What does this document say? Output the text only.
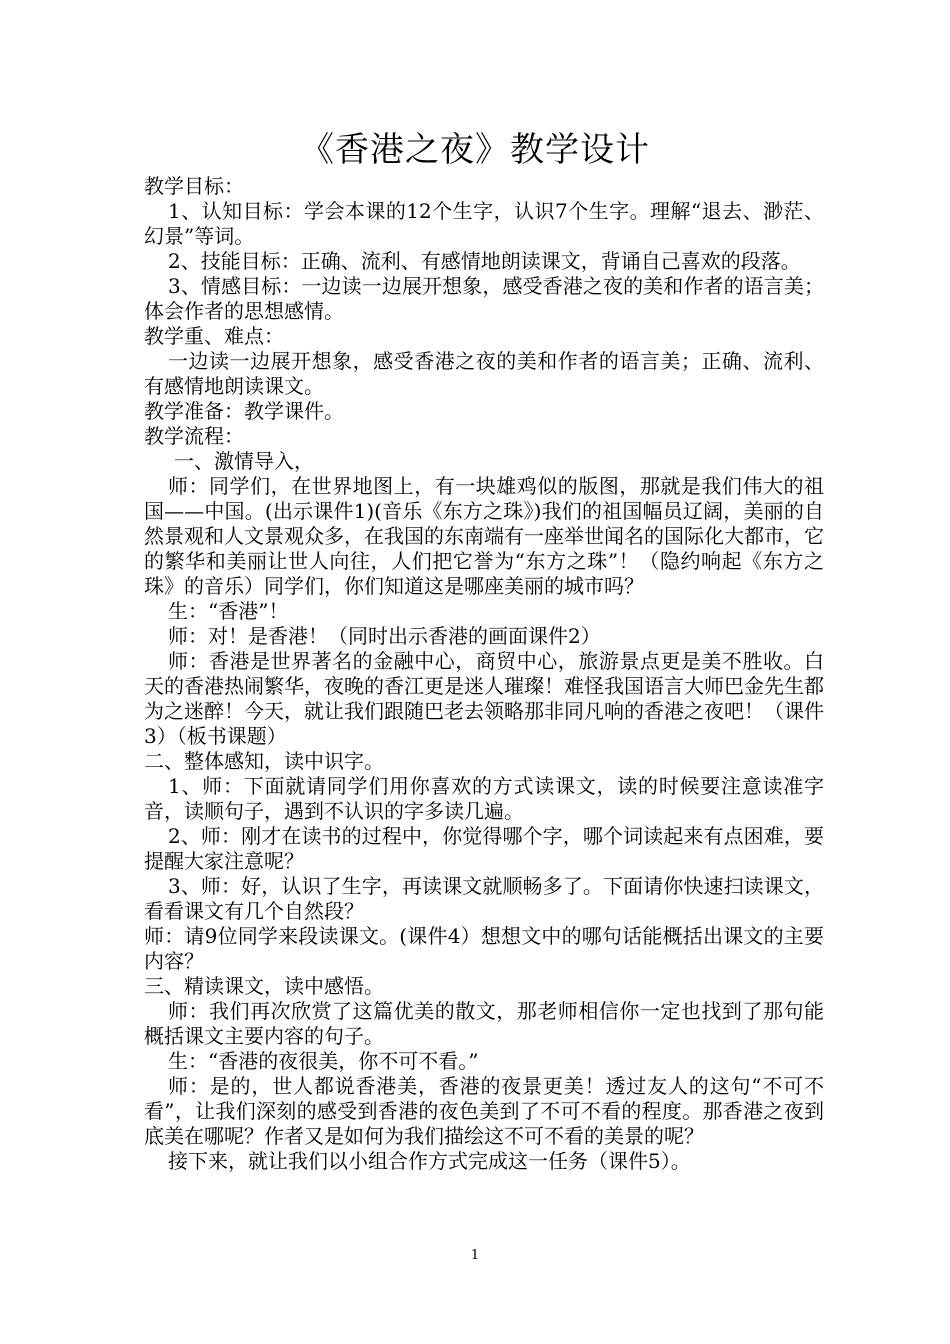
《香港之夜》教学设计

教学目标：

1、认知目标：学会本课的12个生字，认识7个生字。理解“退去、渺茫、幻景”等词。

2、技能目标：正确、流利、有感情地朗读课文，背诵自己喜欢的段落。

3、情感目标：一边读一边展开想象，感受香港之夜的美和作者的语言美；体会作者的思想感情。

教学重、难点：

一边读一边展开想象，感受香港之夜的美和作者的语言美；正确、流利、有感情地朗读课文。

教学准备：教学课件。

教学流程：

一、激情导入，

师：同学们，在世界地图上，有一块雄鸡似的版图，那就是我们伟大的祖国——中国。(出示课件1)(音乐《东方之珠》)我们的祖国幅员辽阔，美丽的自然景观和人文景观众多，在我国的东南端有一座举世闻名的国际化大都市，它的繁华和美丽让世人向往，人们把它誉为“东方之珠”！（隐约响起《东方之珠》的音乐）同学们，你们知道这是哪座美丽的城市吗？

生：“香港”！

师：对！是香港！（同时出示香港的画面课件2）

师：香港是世界著名的金融中心，商贸中心，旅游景点更是美不胜收。白天的香港热闹繁华，夜晚的香江更是迷人璀璨！难怪我国语言大师巴金先生都为之迷醉！今天，就让我们跟随巴老去领略那非同凡响的香港之夜吧！（课件3）（板书课题）

二、整体感知，读中识字。

1、师：下面就请同学们用你喜欢的方式读课文，读的时候要注意读准字音，读顺句子，遇到不认识的字多读几遍。

2、师：刚才在读书的过程中，你觉得哪个字，哪个词读起来有点困难，要提醒大家注意呢？

3、师：好，认识了生字，再读课文就顺畅多了。下面请你快速扫读课文，看看课文有几个自然段？

师：请9位同学来段读课文。(课件4）想想文中的哪句话能概括出课文的主要内容？

三、精读课文，读中感悟。

师：我们再次欣赏了这篇优美的散文，那老师相信你一定也找到了那句能概括课文主要内容的句子。

生：“香港的夜很美，你不可不看。”

师：是的，世人都说香港美，香港的夜景更美！透过友人的这句“不可不看”，让我们深刻的感受到香港的夜色美到了不可不看的程度。那香港之夜到底美在哪呢？作者又是如何为我们描绘这不可不看的美景的呢？

接下来，就让我们以小组合作方式完成这一任务（课件5）。

1
